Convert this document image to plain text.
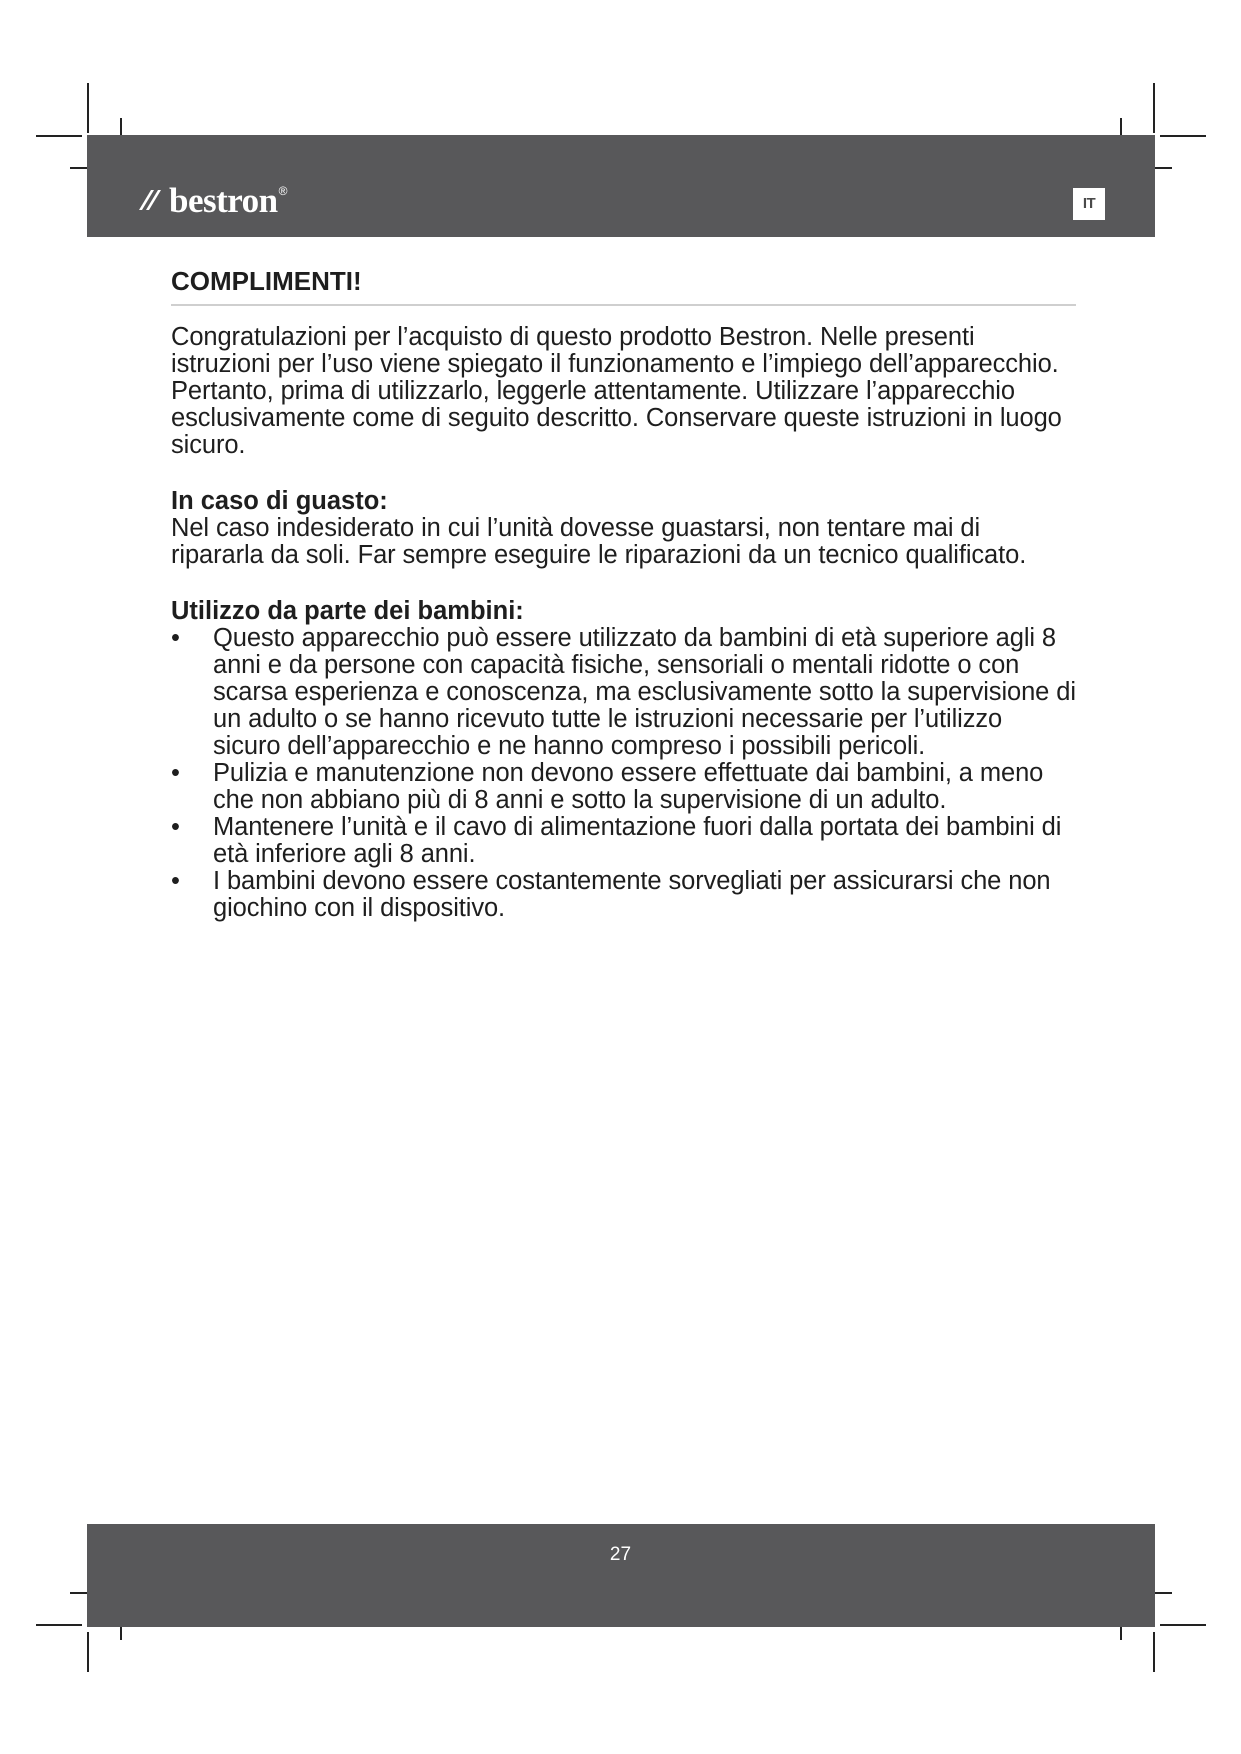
bestron ®
IT
COMPLIMENTI!

Congratulazioni per l’acquisto di questo prodotto Bestron. Nelle presenti istruzioni per l’uso viene spiegato il funzionamento e l’impiego dell’apparecchio. Pertanto, prima di utilizzarlo, leggerle attentamente. Utilizzare l’apparecchio esclusivamente come di seguito descritto. Conservare queste istruzioni in luogo sicuro.

In caso di guasto:

Nel caso indesiderato in cui l’unità dovesse guastarsi, non tentare mai di ripararla da soli. Far sempre eseguire le riparazioni da un tecnico qualificato.

Utilizzo da parte dei bambini:
• Questo apparecchio può essere utilizzato da bambini di età superiore agli 8 anni e da persone con capacità fisiche, sensoriali o mentali ridotte o con scarsa esperienza e conoscenza, ma esclusivamente sotto la supervisione di un adulto o se hanno ricevuto tutte le istruzioni necessarie per l’utilizzo sicuro dell’apparecchio e ne hanno compreso i possibili pericoli.
• Pulizia e manutenzione non devono essere effettuate dai bambini, a meno che non abbiano più di 8 anni e sotto la supervisione di un adulto.
• Mantenere l’unità e il cavo di alimentazione fuori dalla portata dei bambini di età inferiore agli 8 anni.
• I bambini devono essere costantemente sorvegliati per assicurarsi che non giochino con il dispositivo.
27
